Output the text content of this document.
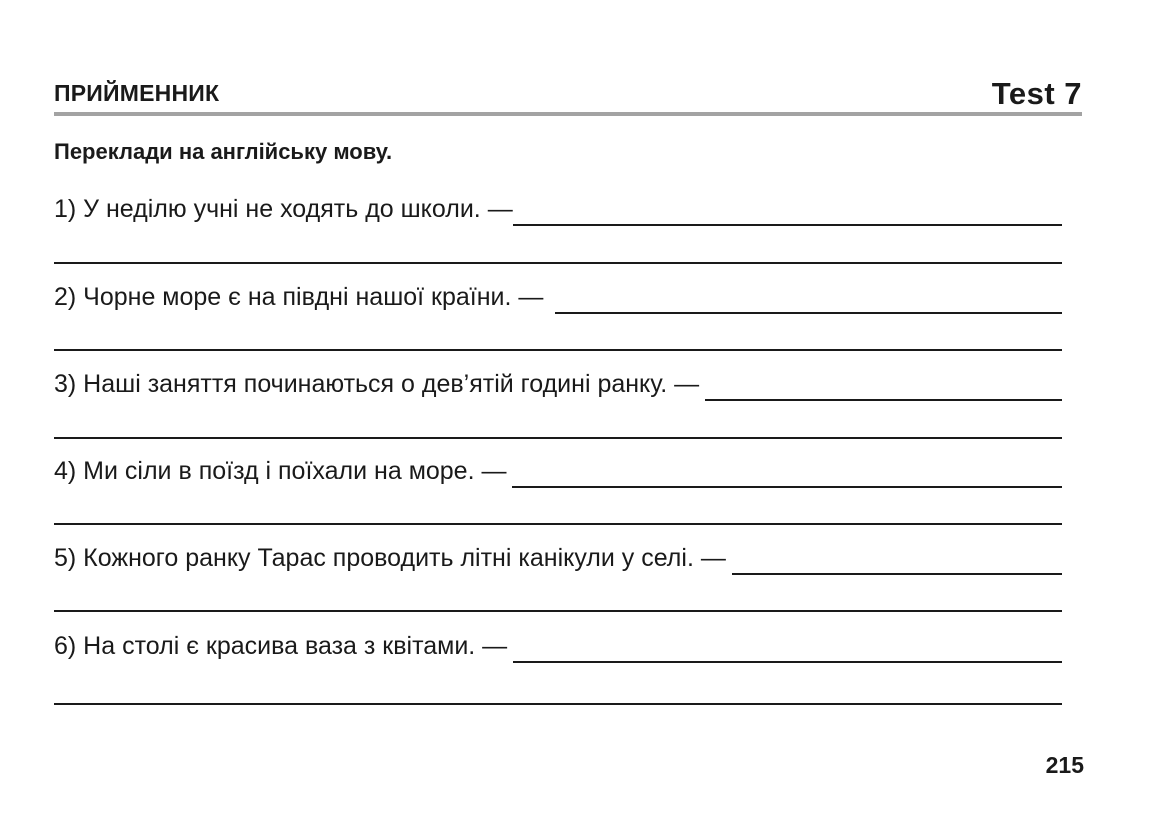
ПРИЙМЕННИК	Test 7
Переклади на англійську мову.
1) У неділю учні не ходять до школи. —
2) Чорне море є на півдні нашої країни. —
3) Наші заняття починаються о дев’ятій годині ранку. —
4) Ми сіли в поїзд і поїхали на море. —
5) Кожного ранку Тарас проводить літні канікули у селі. —
6) На столі є красива ваза з квітами. —
215
